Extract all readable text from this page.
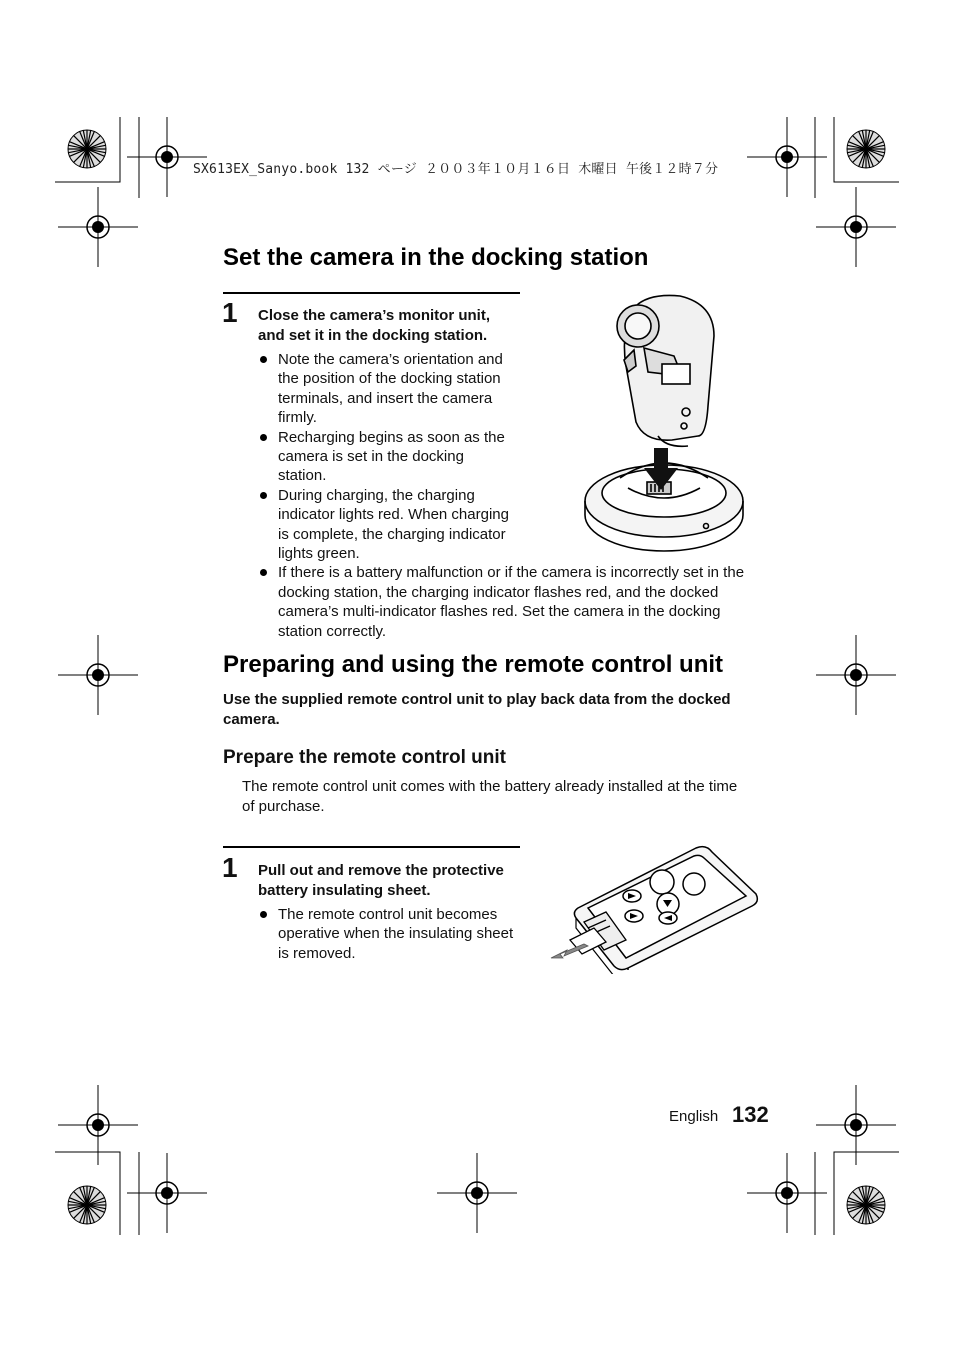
SX613EX_Sanyo.book 132 ページ ２００３年１０月１６日 木曜日 午後１２時７分
Set the camera in the docking station
1 Close the camera’s monitor unit,
and set it in the docking station.
Note the camera’s orientation and
the position of the docking station
terminals, and insert the camera
firmly.
Recharging begins as soon as the
camera is set in the docking
station.
During charging, the charging
indicator lights red. When charging
is complete, the charging indicator
lights green.
If there is a battery malfunction or if the camera is incorrectly set in the
docking station, the charging indicator flashes red, and the docked
camera’s multi-indicator flashes red. Set the camera in the docking
station correctly.
Preparing and using the remote control unit
Use the supplied remote control unit to play back data from the docked
camera.
Prepare the remote control unit
The remote control unit comes with the battery already installed at the time
of purchase.
1 Pull out and remove the protective
battery insulating sheet.
The remote control unit becomes
operative when the insulating sheet
is removed.
English 132
